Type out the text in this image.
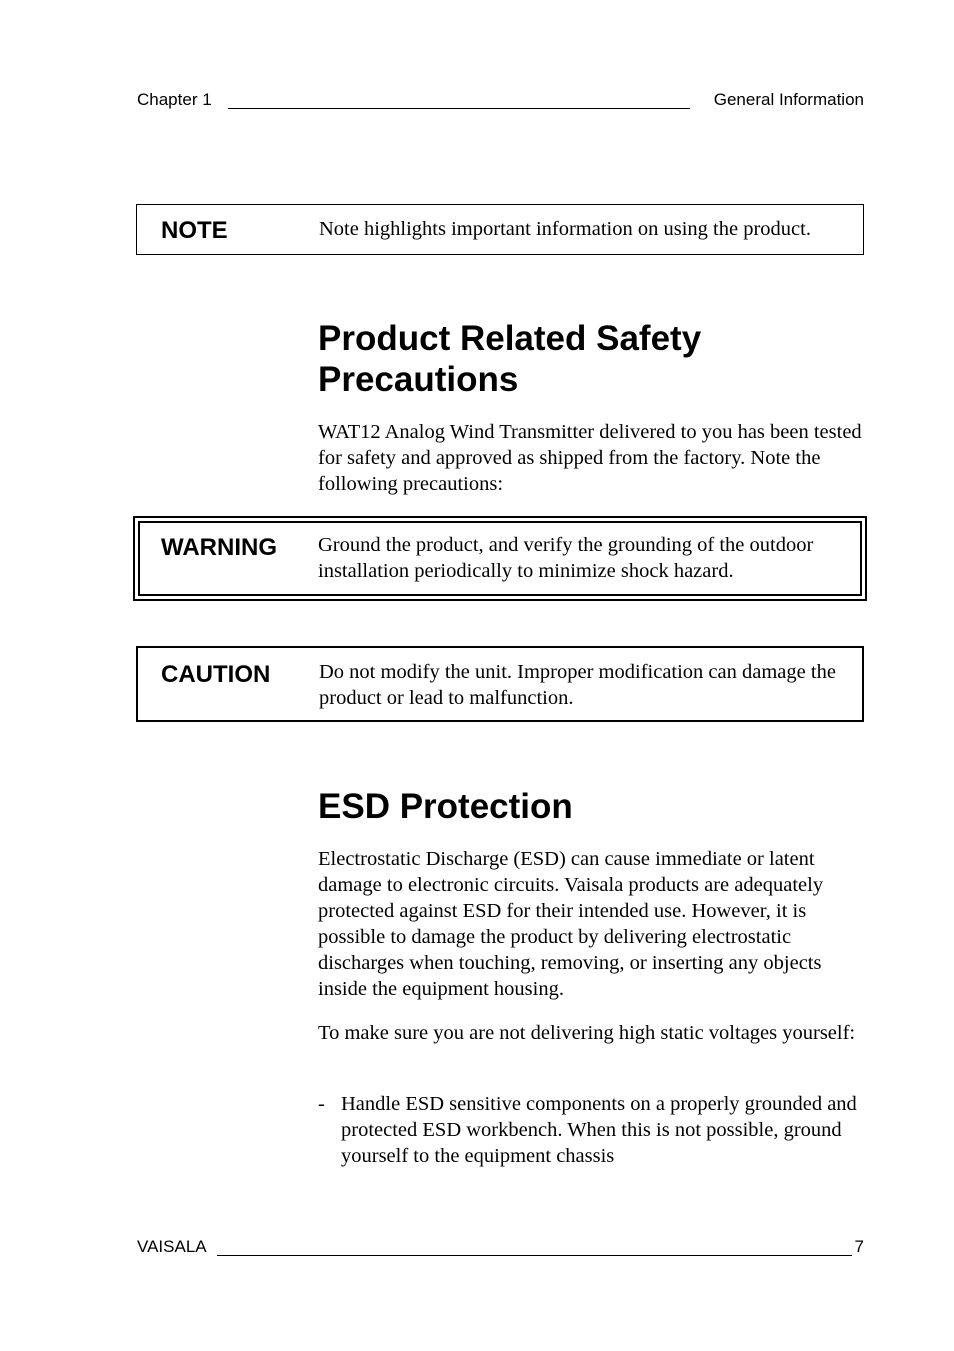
Chapter 1	General Information
NOTE	Note highlights important information on using the product.
Product Related Safety Precautions
WAT12 Analog Wind Transmitter delivered to you has been tested for safety and approved as shipped from the factory. Note the following precautions:
WARNING Ground the product, and verify the grounding of the outdoor installation periodically to minimize shock hazard.
CAUTION Do not modify the unit. Improper modification can damage the product or lead to malfunction.
ESD Protection
Electrostatic Discharge (ESD) can cause immediate or latent damage to electronic circuits. Vaisala products are adequately protected against ESD for their intended use. However, it is possible to damage the product by delivering electrostatic discharges when touching, removing, or inserting any objects inside the equipment housing.
To make sure you are not delivering high static voltages yourself:
- Handle ESD sensitive components on a properly grounded and protected ESD workbench. When this is not possible, ground yourself to the equipment chassis
VAISALA	7
